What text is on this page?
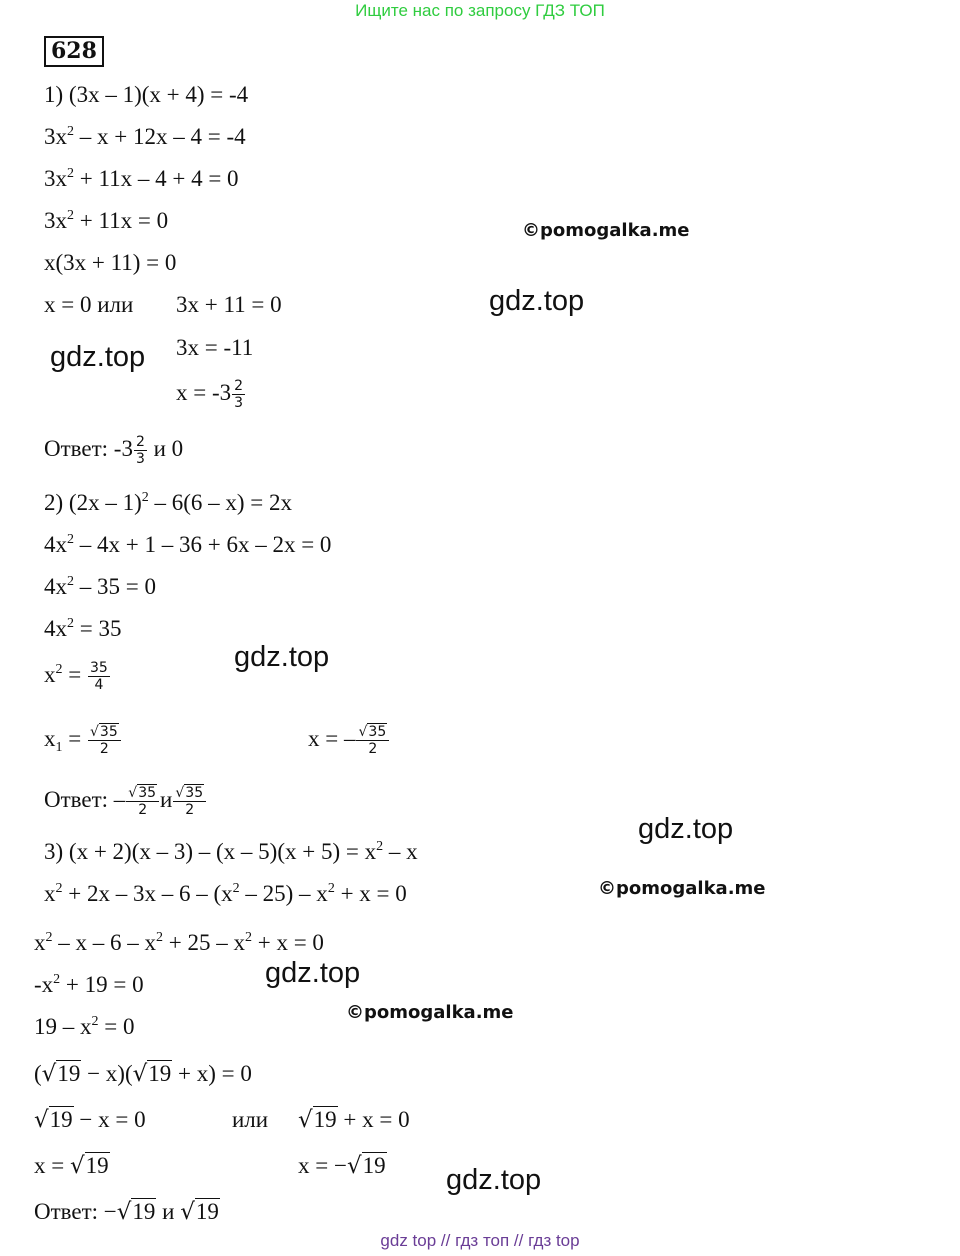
Ищите нас по запросу ГДЗ ТОП
628
1) (3x – 1)(x + 4) = -4
$3x^2 - x + 12x - 4 = -4$
$3x^2 + 11x - 4 + 4 = 0$
$3x^2 + 11x = 0$
x(3x + 11) = 0
x = 0 или 3x + 11 = 0
3x = -11
$x = -3 \frac{2}{3}$
Ответ: $-3 \frac{2}{3}$ и 0
2) (2x – 1)$^2$ – 6(6 – x) = 2x
$4x^2 - 4x + 1 - 36 + 6x - 2x = 0$
$4x^2 - 35 = 0$
$4x^2 = 35$
$x^2 = \frac{35}{4}$
$x_1 = \frac{√35}{2}$	x = – $\frac{√35}{2}$
Ответ: – $\frac{√35}{2}$ и $\frac{√35}{2}$
3) $(x + 2)(x - 3) - (x - 5)(x + 5) = x^2 - x$
$x^2 + 2x - 3x - 6 - (x^2 - 25) - x^2 + x = 0$
$x^2 - x - 6 - x^2 + 25 - x^2 + x = 0$
$-x^2 + 19 = 0$
$19 - x^2 = 0$
(√19 − x)(√19 + x) = 0
√19 − x = 0	или √19 + x = 0
x = √19	x = −√19
Ответ: −√19 и √19
©pomogalka.me
gdz.top
gdz.top
gdz.top
gdz.top
©pomogalka.me
gdz.top
©pomogalka.me
gdz.top
gdz top // гдз топ // гдз top
